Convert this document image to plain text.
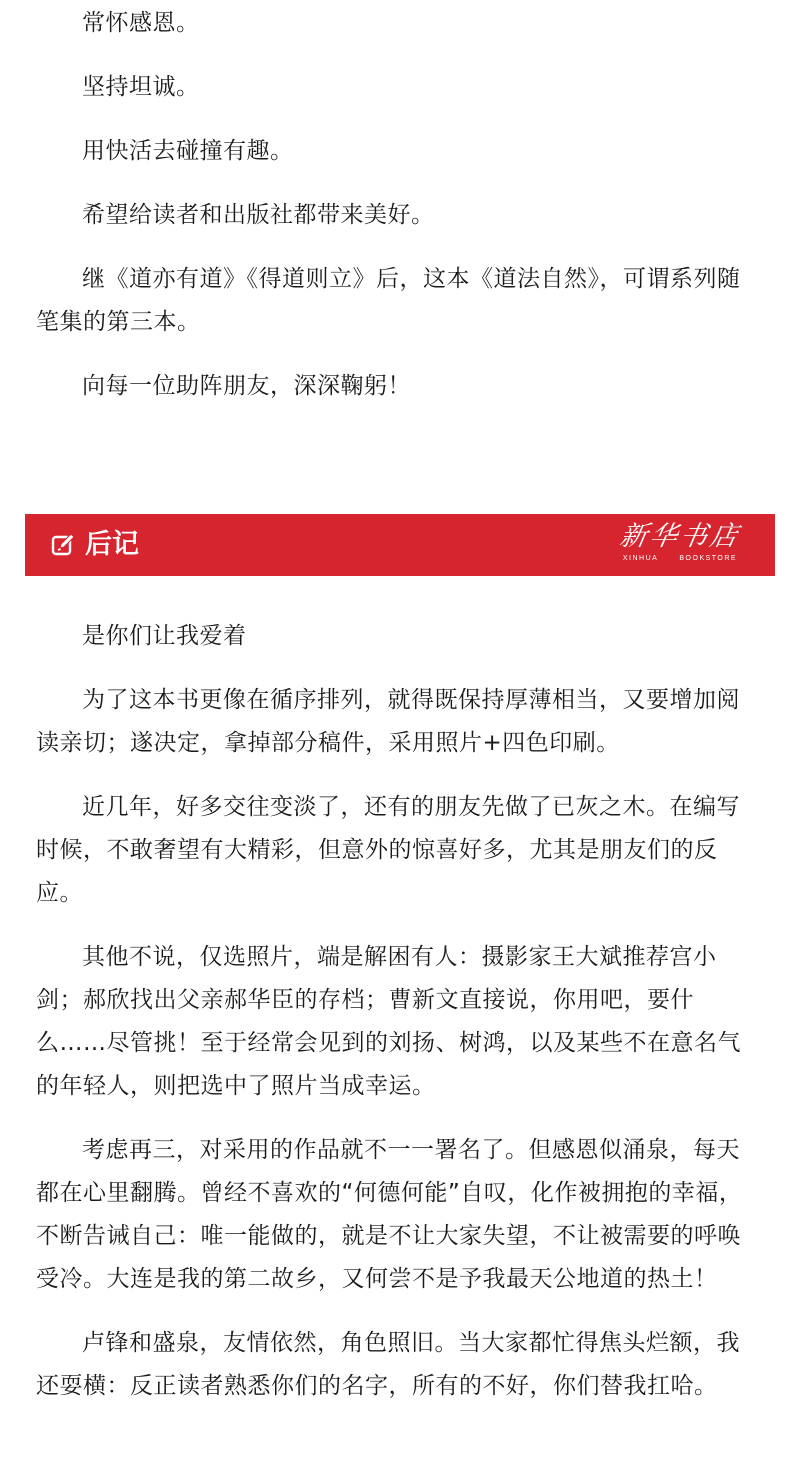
常怀感恩。

坚持坦诚。

用快活去碰撞有趣。

希望给读者和出版社都带来美好。

继《道亦有道》《得道则立》后，这本《道法自然》，可谓系列随笔集的第三本。

向每一位助阵朋友，深深鞠躬！

后记	新华书店
XINHUA BOOKSTORE

是你们让我爱着

为了这本书更像在循序排列，就得既保持厚薄相当，又要增加阅读亲切；遂决定，拿掉部分稿件，采用照片+四色印刷。

近几年，好多交往变淡了，还有的朋友先做了已灰之木。在编写时候，不敢奢望有大精彩，但意外的惊喜好多，尤其是朋友们的反应。

其他不说，仅选照片，端是解困有人：摄影家王大斌推荐宫小剑；郝欣找出父亲郝华臣的存档；曹新文直接说，你用吧，要什么……尽管挑！至于经常会见到的刘扬、树鸿，以及某些不在意名气的年轻人，则把选中了照片当成幸运。

考虑再三，对采用的作品就不一一署名了。但感恩似涌泉，每天都在心里翻腾。曾经不喜欢的“何德何能”自叹，化作被拥抱的幸福，不断告诫自己：唯一能做的，就是不让大家失望，不让被需要的呼唤受冷。大连是我的第二故乡，又何尝不是予我最天公地道的热土！

卢锋和盛泉，友情依然，角色照旧。当大家都忙得焦头烂额，我还耍横：反正读者熟悉你们的名字，所有的不好，你们替我扛哈。
